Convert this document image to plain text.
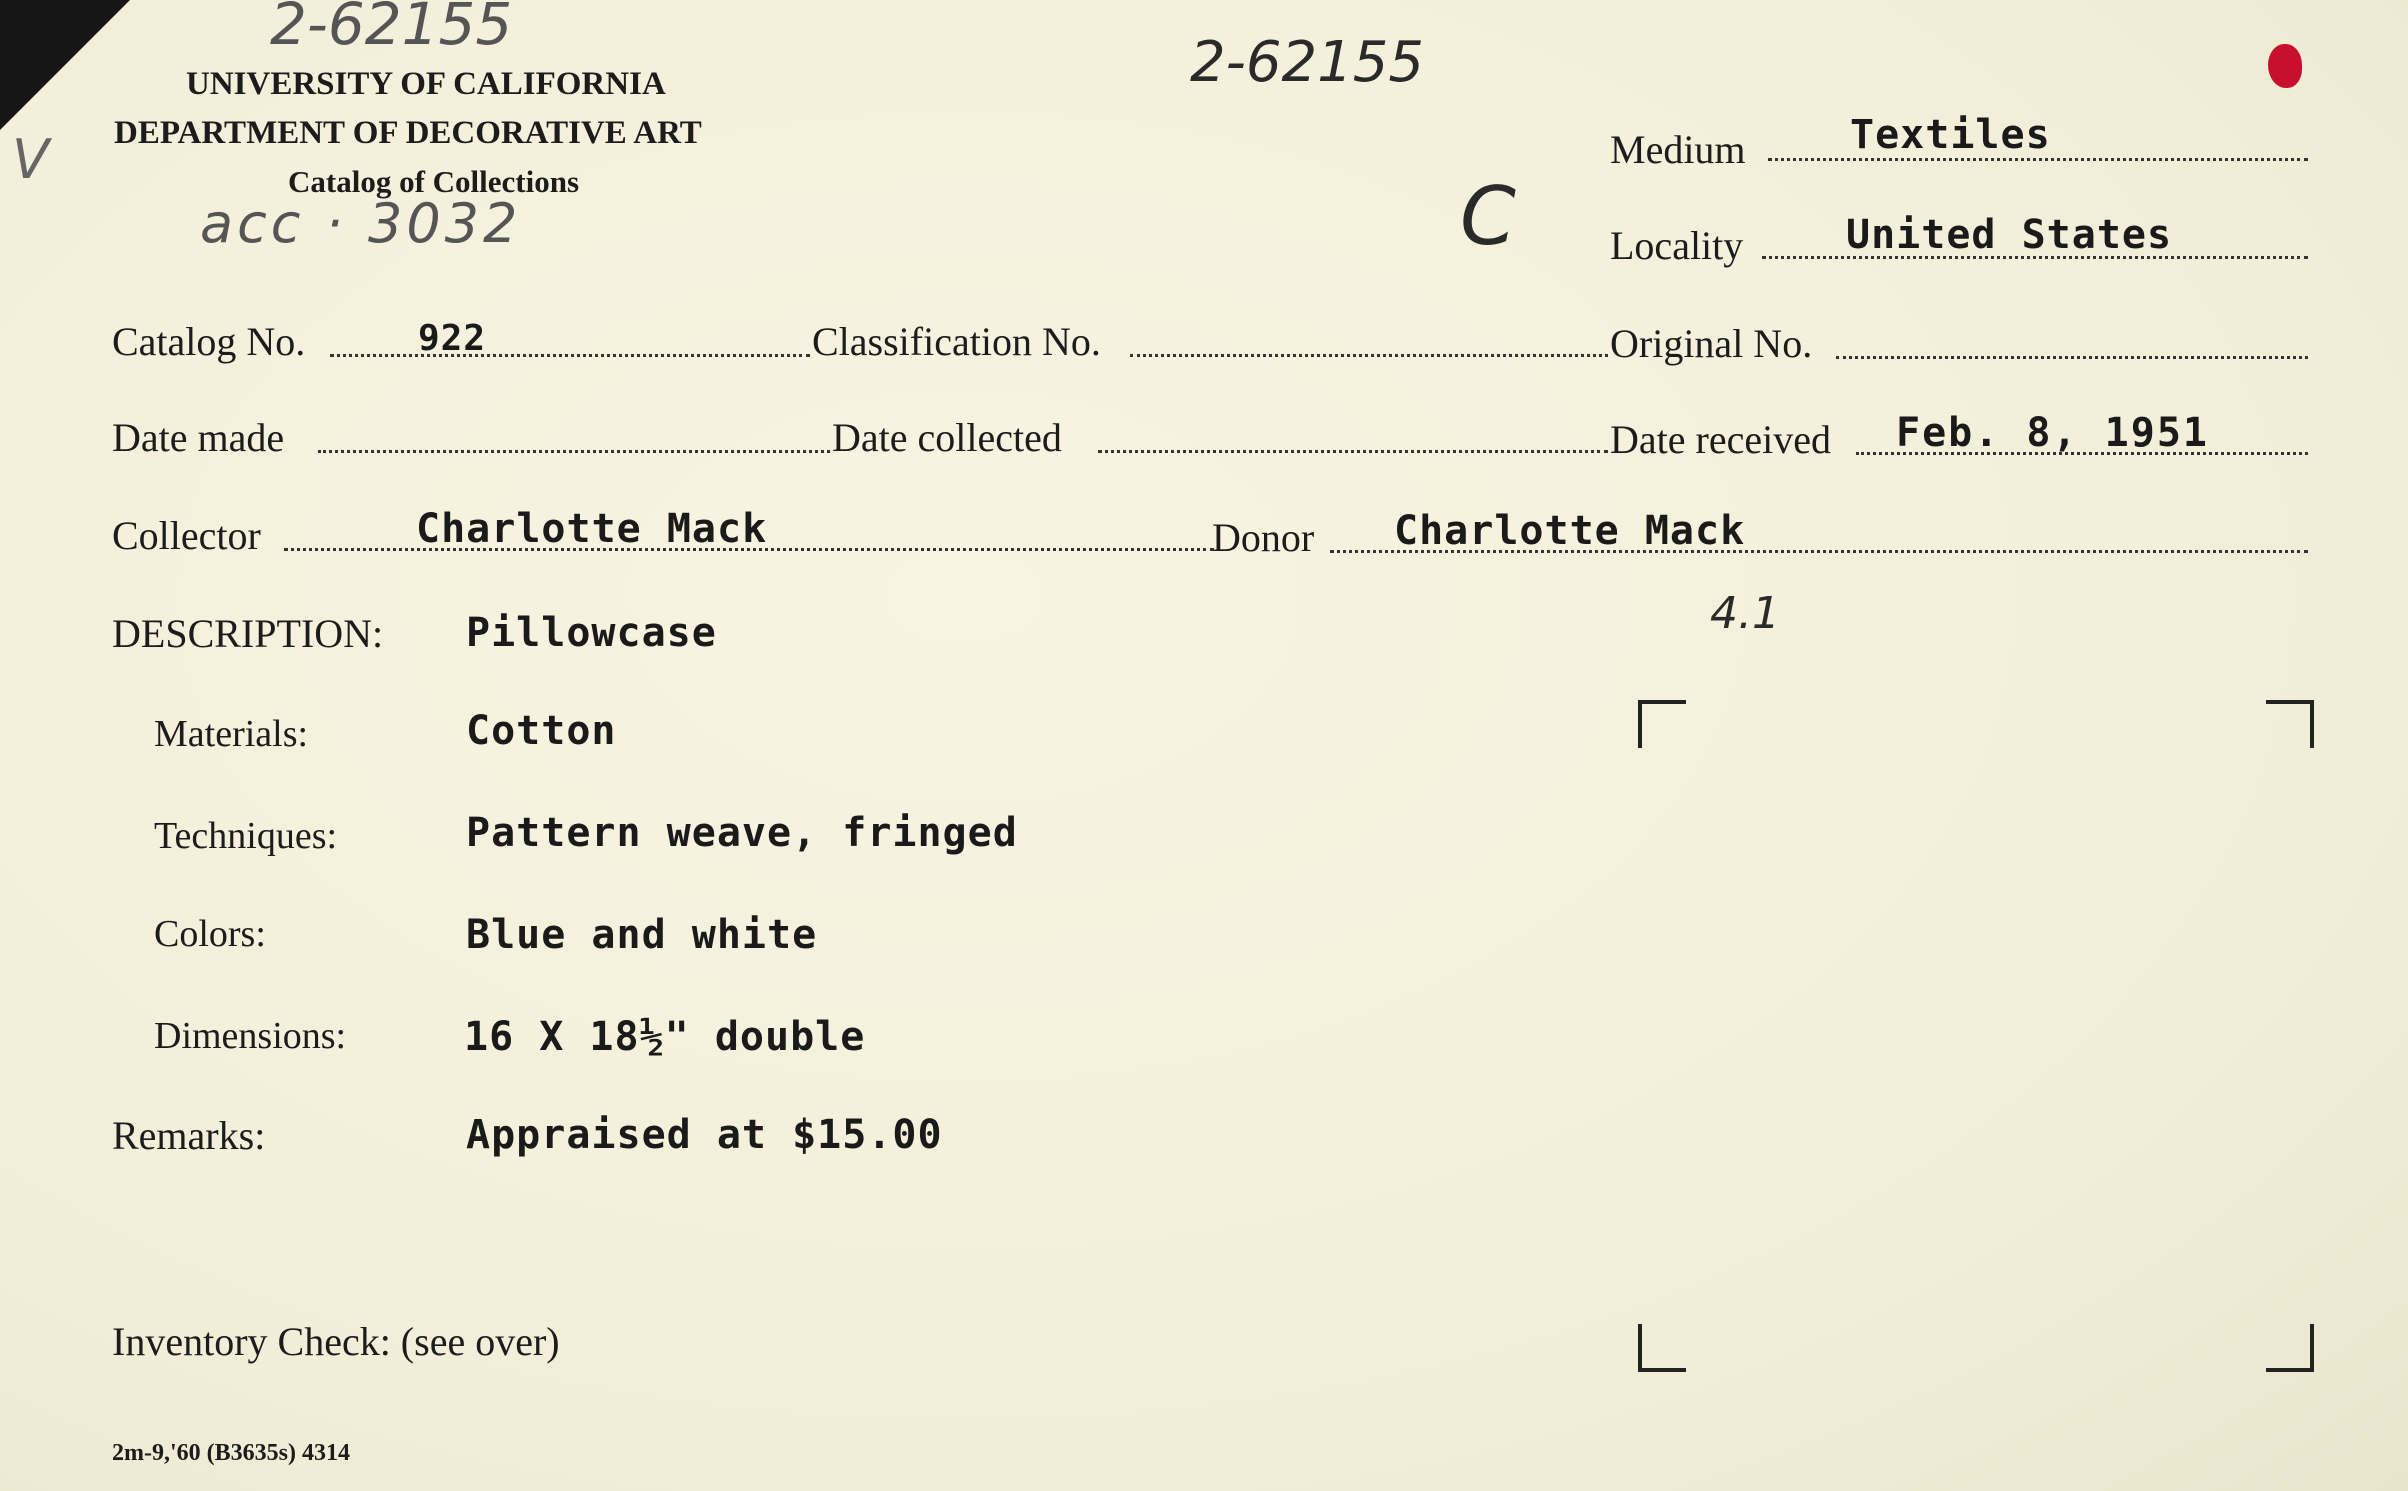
2-62155
2-62155
acc · 3032
V
C
4.1
UNIVERSITY OF CALIFORNIA
DEPARTMENT OF DECORATIVE ART
Catalog of Collections
Medium	Textiles
Locality	United States
Catalog No.	922	Classification No.	Original No.
Date made	Date collected	Date received Feb. 8, 1951
Collector	Charlotte Mack	Donor Charlotte Mack
DESCRIPTION: Pillowcase
Materials:	Cotton
Techniques:	Pattern weave, fringed
Colors:	Blue and white
Dimensions:	16 X 18½" double
Remarks:	Appraised at $15.00
Inventory Check: (see over)
2m-9,'60 (B3635s) 4314
